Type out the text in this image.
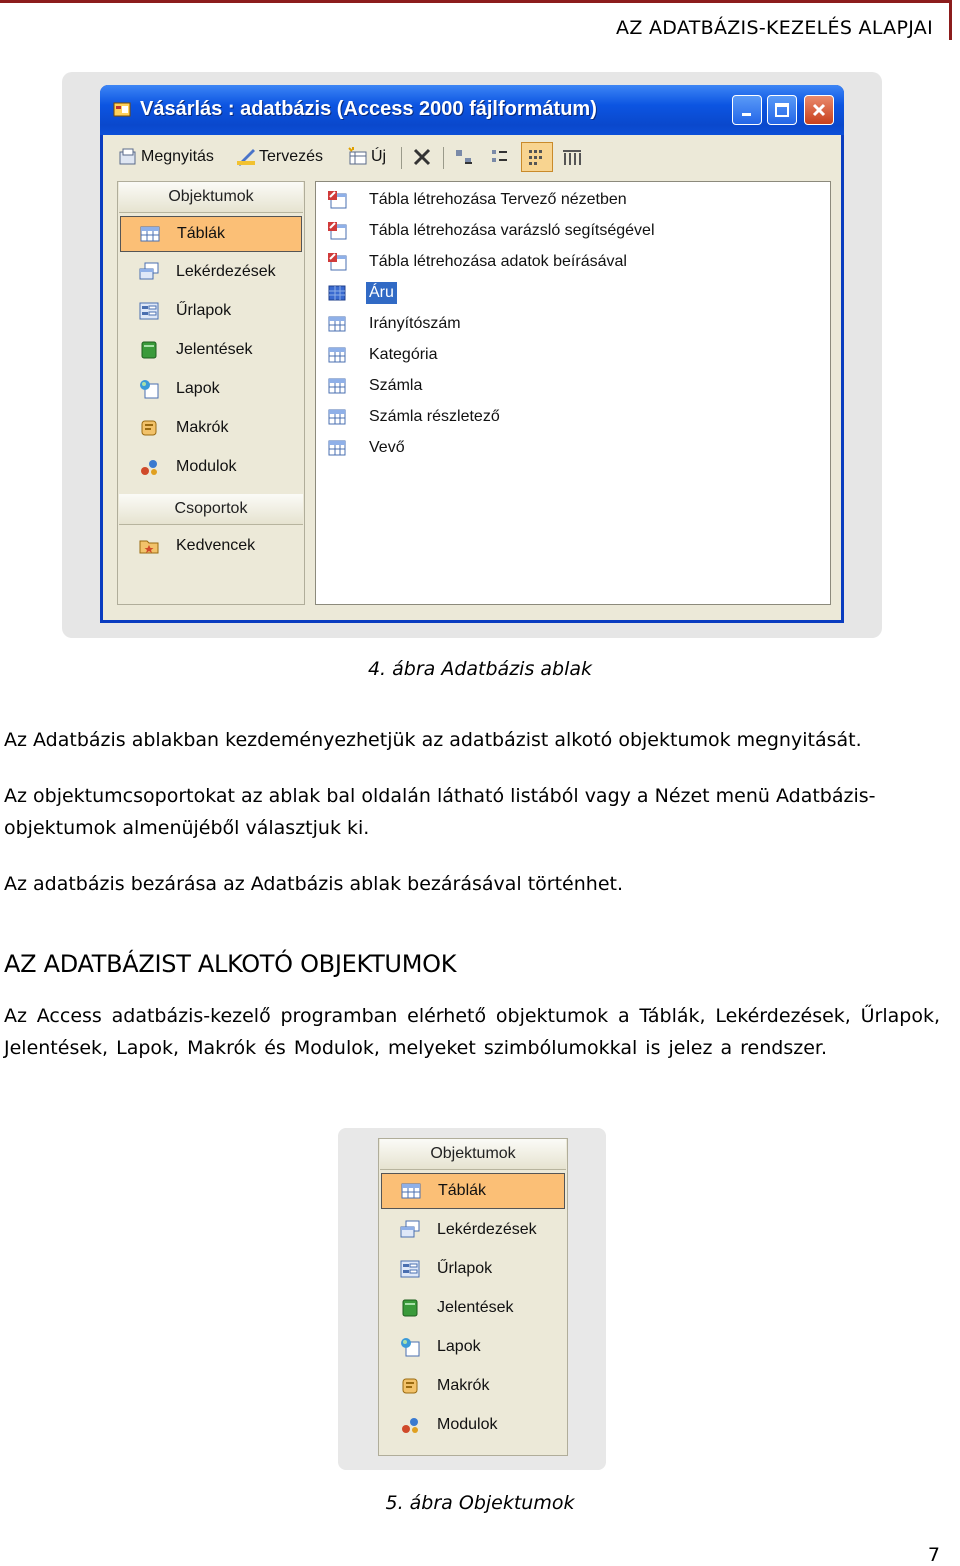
AZ ADATBÁZIS-KEZELÉS ALAPJAI
Vásárlás : adatbázis (Access 2000 fájlformátum)
Megnyitás	Tervezés	Új
Objektumok
Táblák
Lekérdezések
Űrlapok
Jelentések
Lapok
Makrók
Modulok
Csoportok
Kedvencek
Tábla létrehozása Tervező nézetben
Tábla létrehozása varázsló segítségével
Tábla létrehozása adatok beírásával
Áru
Irányítószám
Kategória
Számla
Számla részletező
Vevő
4. ábra Adatbázis ablak

Az Adatbázis ablakban kezdeményezhetjük az adatbázist alkotó objektumok megnyitását.

Az objektumcsoportokat az ablak bal oldalán látható listából vagy a Nézet menü Adatbázis-objektumok almenüjéből választjuk ki.

Az adatbázis bezárása az Adatbázis ablak bezárásával történhet.

AZ ADATBÁZIST ALKOTÓ OBJEKTUMOK

Az Access adatbázis-kezelő programban elérhető objektumok a Táblák, Lekérdezések, Űrlapok, Jelentések, Lapok, Makrók és Modulok, melyeket szimbólumokkal is jelez a rendszer.

Objektumok
Táblák
Lekérdezések
Űrlapok
Jelentések
Lapok
Makrók
Modulok
5. ábra Objektumok
7
